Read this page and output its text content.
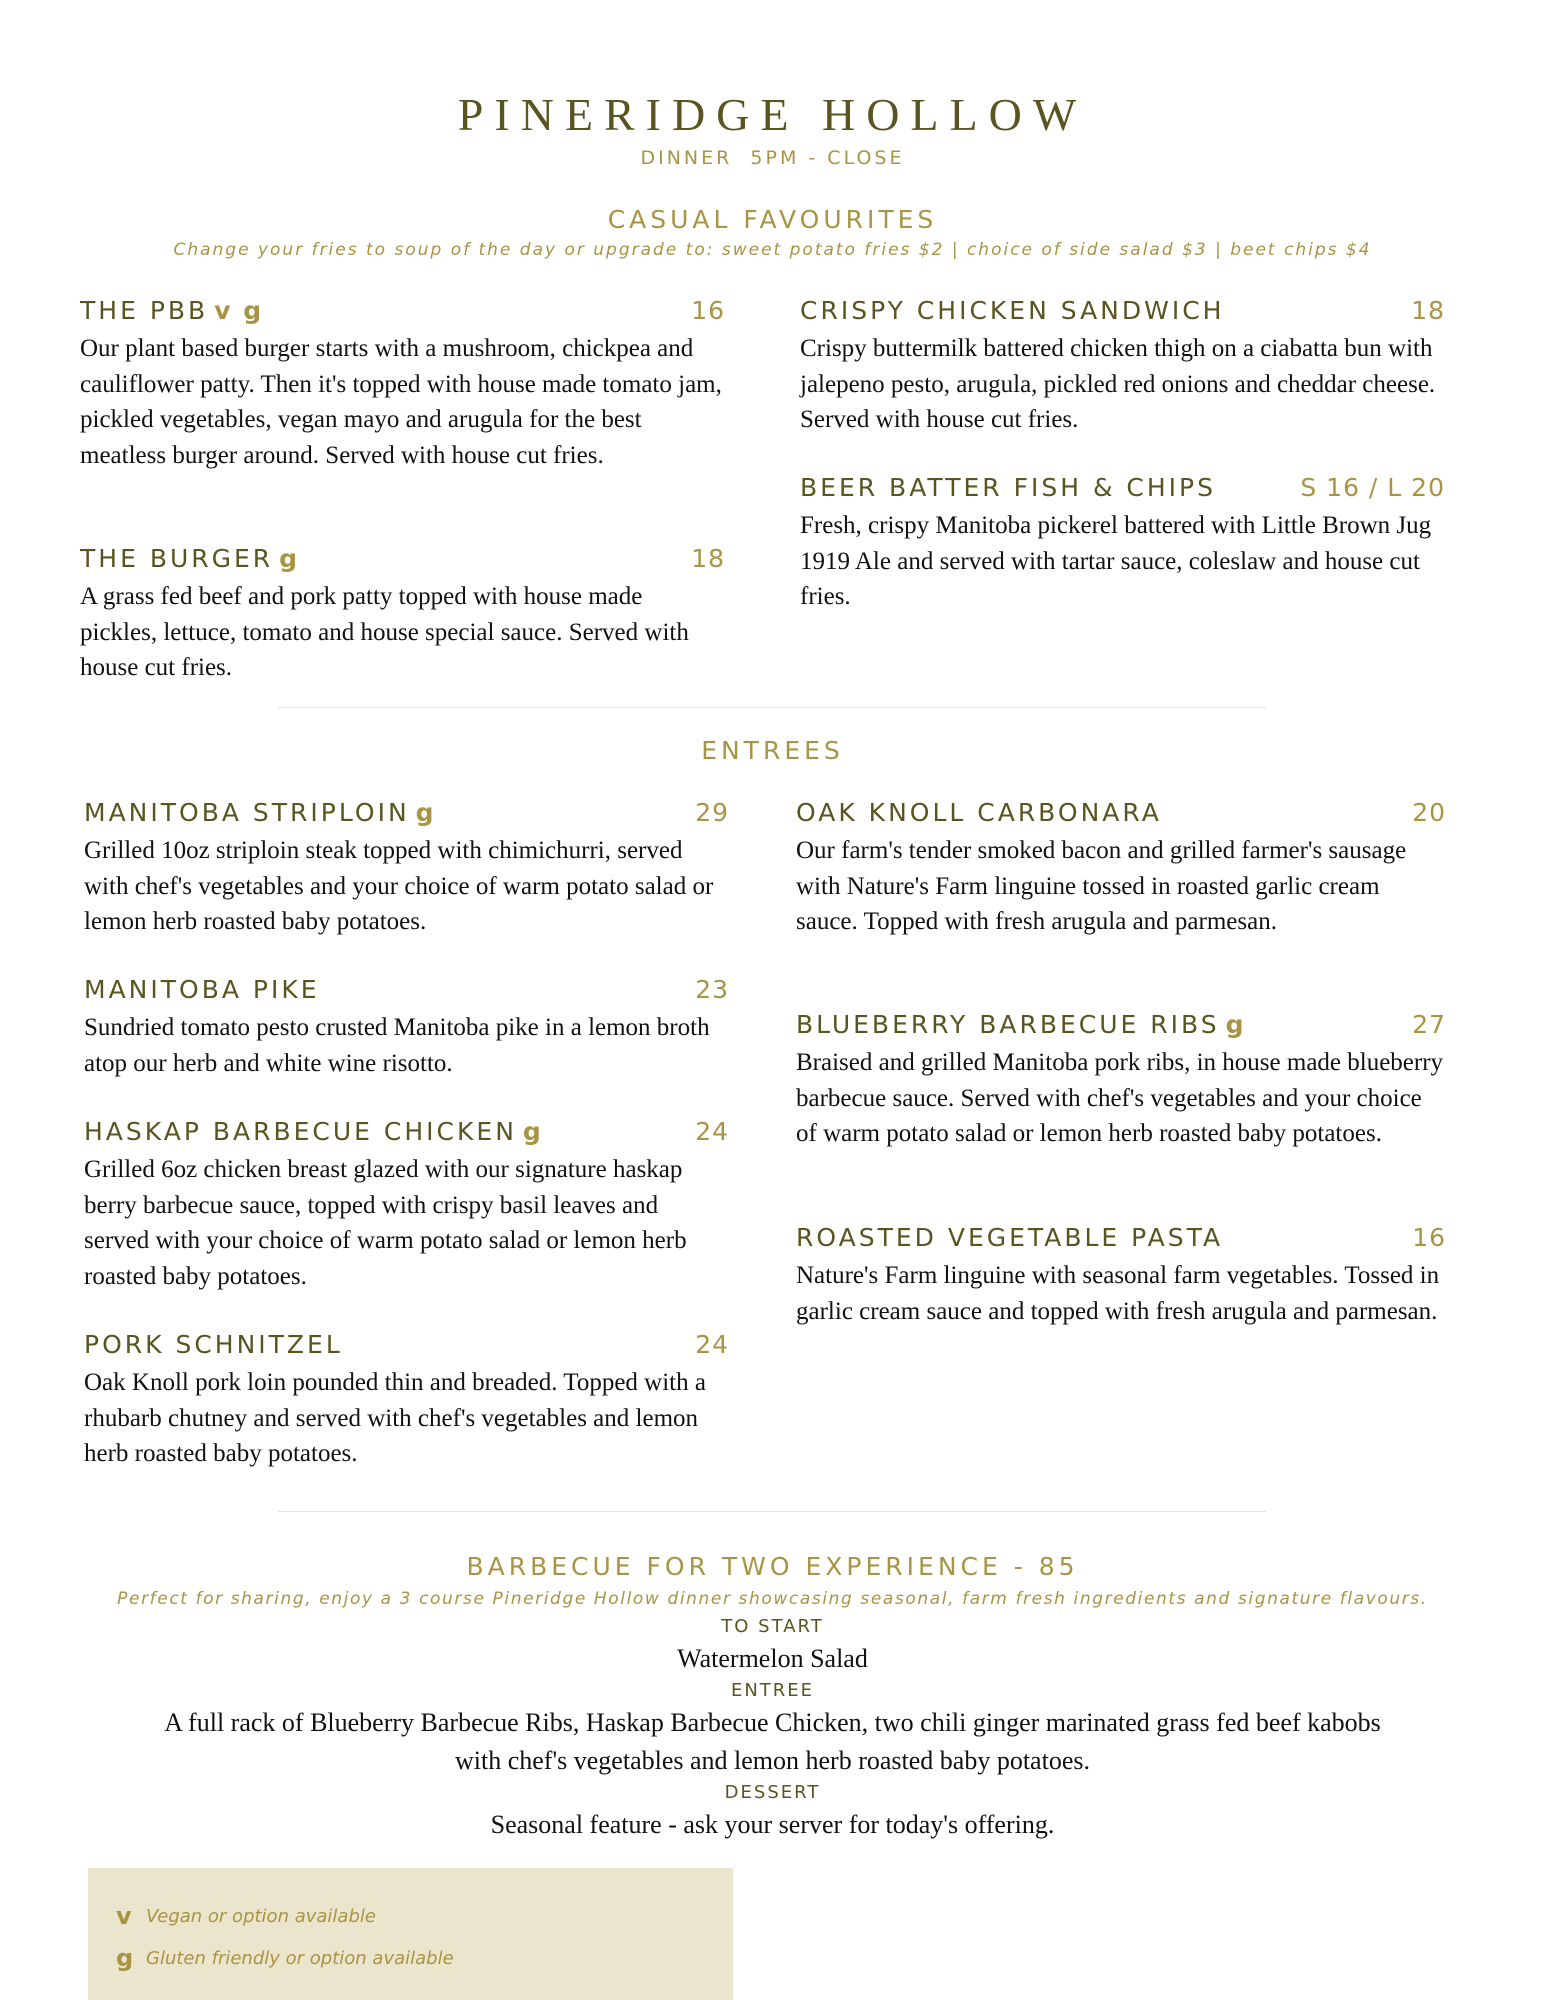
PINERIDGE HOLLOW
DINNER  5PM - CLOSE
CASUAL FAVOURITES
Change your fries to soup of the day or upgrade to: sweet potato fries $2 | choice of side salad $3 | beet chips $4
THE PBB v g	16
Our plant based burger starts with a mushroom, chickpea and cauliflower patty. Then it's topped with house made tomato jam, pickled vegetables, vegan mayo and arugula for the best meatless burger around. Served with house cut fries.
THE BURGER g	18
A grass fed beef and pork patty topped with house made pickles, lettuce, tomato and house special sauce. Served with house cut fries.
CRISPY CHICKEN SANDWICH	18
Crispy buttermilk battered chicken thigh on a ciabatta bun with jalepeno pesto, arugula, pickled red onions and cheddar cheese. Served with house cut fries.
BEER BATTER FISH & CHIPS	S 16 / L 20
Fresh, crispy Manitoba pickerel battered with Little Brown Jug 1919 Ale and served with tartar sauce, coleslaw and house cut fries.
ENTREES
MANITOBA STRIPLOIN g	29
Grilled 10oz striploin steak topped with chimichurri, served with chef's vegetables and your choice of warm potato salad or lemon herb roasted baby potatoes.
MANITOBA PIKE	23
Sundried tomato pesto crusted Manitoba pike in a lemon broth atop our herb and white wine risotto.
HASKAP BARBECUE CHICKEN g	24
Grilled 6oz chicken breast glazed with our signature haskap berry barbecue sauce, topped with crispy basil leaves and served with your choice of warm potato salad or lemon herb roasted baby potatoes.
PORK SCHNITZEL	24
Oak Knoll pork loin pounded thin and breaded. Topped with a rhubarb chutney and served with chef's vegetables and lemon herb roasted baby potatoes.
OAK KNOLL CARBONARA	20
Our farm's tender smoked bacon and grilled farmer's sausage with Nature's Farm linguine tossed in roasted garlic cream sauce. Topped with fresh arugula and parmesan.
BLUEBERRY BARBECUE RIBS g	27
Braised and grilled Manitoba pork ribs, in house made blueberry barbecue sauce. Served with chef's vegetables and your choice of warm potato salad or lemon herb roasted baby potatoes.
ROASTED VEGETABLE PASTA	16
Nature's Farm linguine with seasonal farm vegetables. Tossed in garlic cream sauce and topped with fresh arugula and parmesan.
BARBECUE FOR TWO EXPERIENCE - 85
Perfect for sharing, enjoy a 3 course Pineridge Hollow dinner showcasing seasonal, farm fresh ingredients and signature flavours.
TO START
Watermelon Salad
ENTREE
A full rack of Blueberry Barbecue Ribs, Haskap Barbecue Chicken, two chili ginger marinated grass fed beef kabobs
with chef's vegetables and lemon herb roasted baby potatoes.
DESSERT
Seasonal feature - ask your server for today's offering.
v Vegan or option available
g Gluten friendly or option available
